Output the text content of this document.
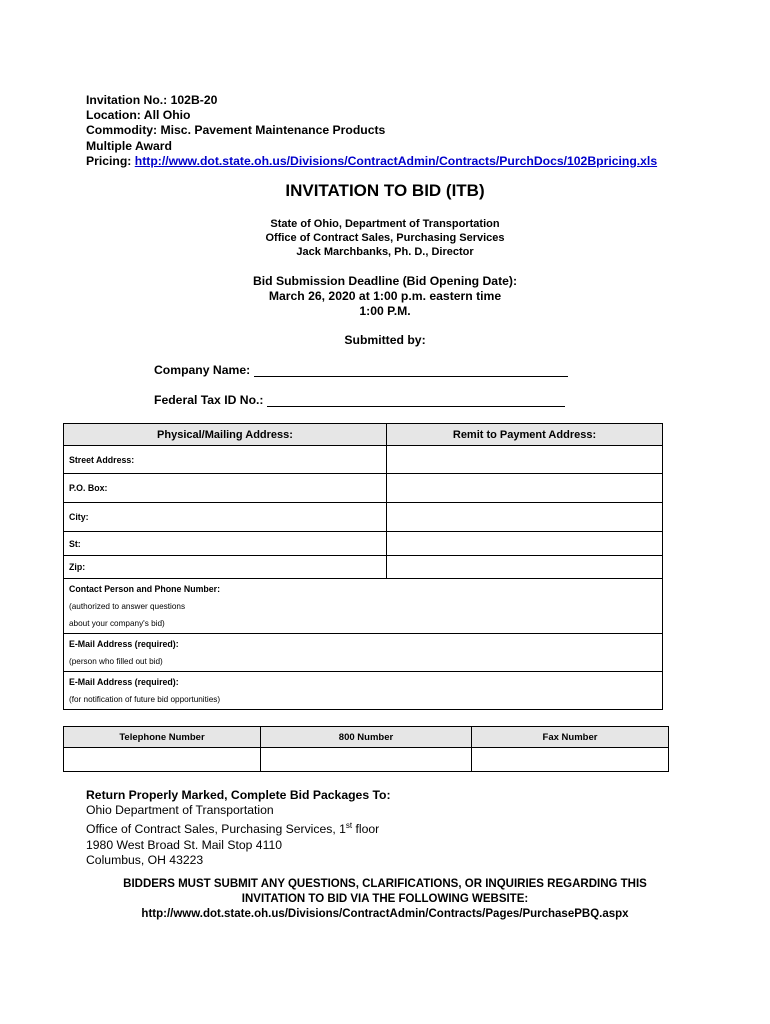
Invitation No.: 102B-20
Location: All Ohio
Commodity: Misc. Pavement Maintenance Products
Multiple Award
Pricing: http://www.dot.state.oh.us/Divisions/ContractAdmin/Contracts/PurchDocs/102Bpricing.xls
INVITATION TO BID (ITB)
State of Ohio, Department of Transportation
Office of Contract Sales, Purchasing Services
Jack Marchbanks, Ph. D., Director
Bid Submission Deadline (Bid Opening Date):
March 26, 2020 at 1:00 p.m. eastern time
1:00 P.M.
Submitted by:
Company Name:
Federal Tax ID No.:
Physical/Mailing Address:	Remit to Payment Address:
Street Address:	
P.O. Box:	
City:	
St:	
Zip:	

Contact Person and Phone Number:
(authorized to answer questions
about your company's bid)	

E-Mail Address (required):
(person who filled out bid)	

E-Mail Address (required):
(for notification of future bid opportunities)	
Telephone Number	800 Number	Fax Number

Return Properly Marked, Complete Bid Packages To:
Ohio Department of Transportation
Office of Contract Sales, Purchasing Services, 1st floor
1980 West Broad St. Mail Stop 4110
Columbus, OH 43223
BIDDERS MUST SUBMIT ANY QUESTIONS, CLARIFICATIONS, OR INQUIRIES REGARDING THIS
INVITATION TO BID VIA THE FOLLOWING WEBSITE:
http://www.dot.state.oh.us/Divisions/ContractAdmin/Contracts/Pages/PurchasePBQ.aspx
